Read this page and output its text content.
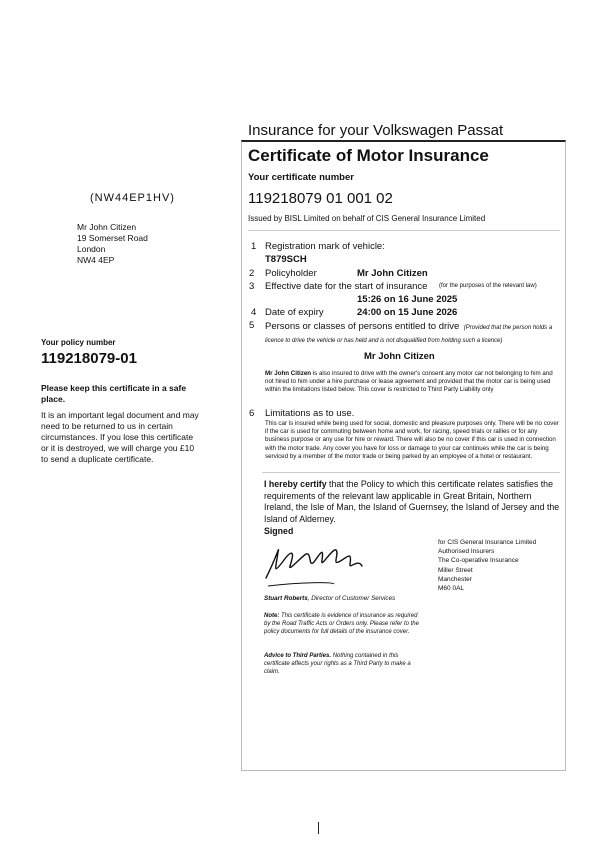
Insurance for your Volkswagen Passat
Certificate of Motor Insurance
Your certificate number
119218079 01 001 02
Issued by BISL Limited on behalf of CIS General Insurance Limited
1 Registration mark of vehicle:
T879SCH
2 Policyholder	Mr John Citizen
3 Effective date for the start of insurance (for the purposes of the relevant law)
15:26 on 16 June 2025
4 Date of expiry	24:00 on 15 June 2026
5 Persons or classes of persons entitled to drive (Provided that the person holds a licence to drive the vehicle or has held and is not disqualified from holding such a licence)
Mr John Citizen
Mr John Citizen is also insured to drive with the owner's consent any motor car not belonging to him and not hired to him under a hire purchase or lease agreement and provided that the motor car is being used within the limitations listed below. This cover is restricted to Third Party Liability only
6 Limitations as to use.
This car is insured while being used for social, domestic and pleasure purposes only. There will be no cover if the car is used for commuting between home and work, for racing, speed trials or rallies or for any business purpose or any use for hire or reward. There will also be no cover if this car is used in connection with the motor trade. Any cover you have for loss or damage to your car continues while the car is being serviced by a member of the motor trade or being parked by an employee of a hotel or restaurant.
I hereby certify that the Policy to which this certificate relates satisfies the requirements of the relevant law applicable in Great Britain, Northern Ireland, the Isle of Man, the Island of Guernsey, the Island of Jersey and the Island of Alderney.
Signed
Stuart Roberts, Director of Customer Services
for CIS General Insurance Limited
Authorised Insurers
The Co-operative Insurance
Miller Street
Manchester
M60 0AL
Note: This certificate is evidence of insurance as required by the Road Traffic Acts or Orders only. Please refer to the policy documents for full details of the insurance cover.
Advice to Third Parties. Nothing contained in this certificate affects your rights as a Third Party to make a claim.
(NW44EP1HV)
Mr John Citizen
19 Somerset Road
London
NW4 4EP
Your policy number
119218079-01
Please keep this certificate in a safe place.
It is an important legal document and may need to be returned to us in certain circumstances. If you lose this certificate or it is destroyed, we will charge you £10 to send a duplicate certificate.
